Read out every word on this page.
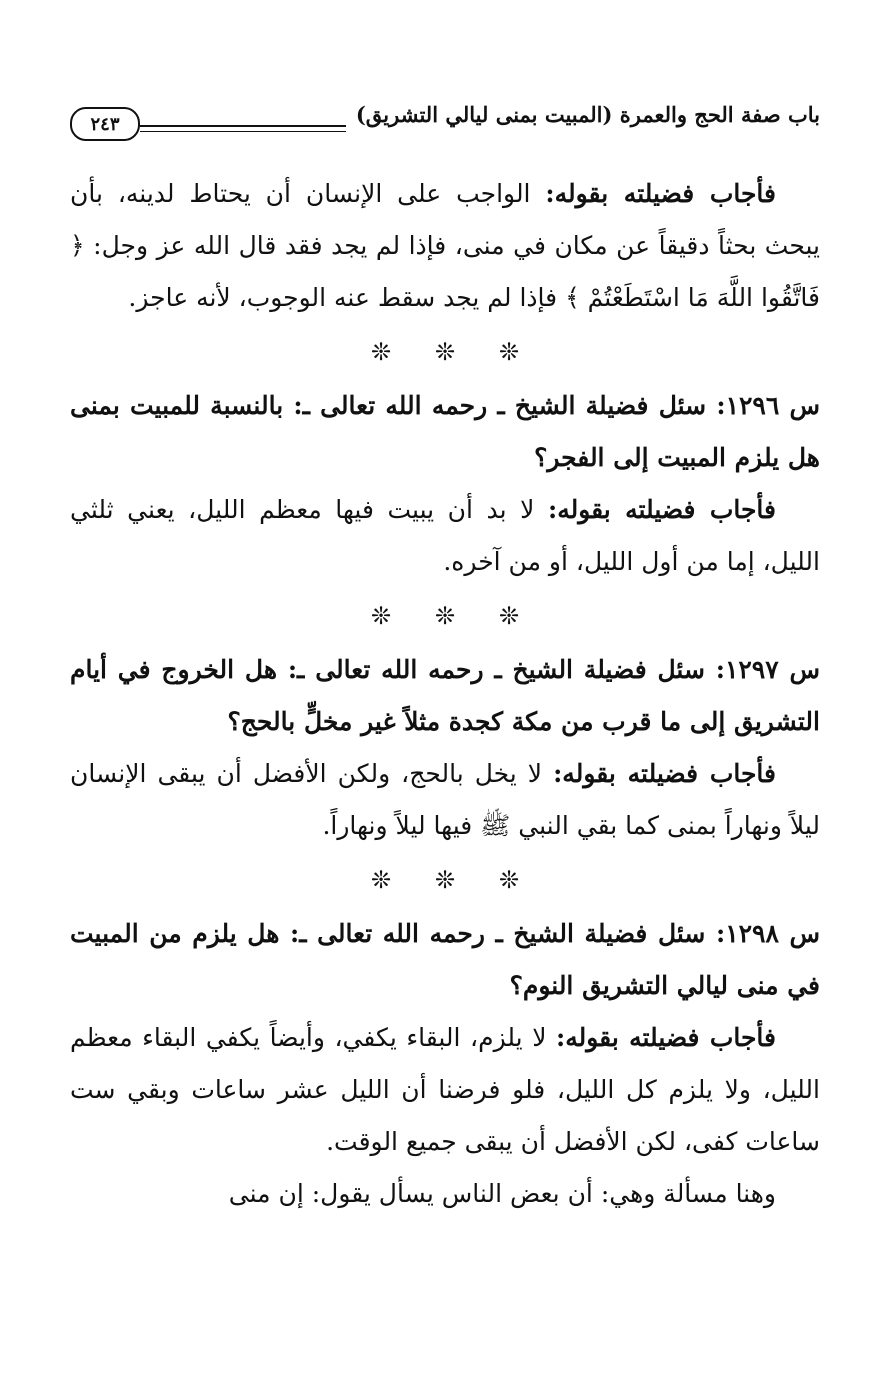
باب صفة الحج والعمرة (المبيت بمنى ليالي التشريق)
٢٤٣

فأجاب فضيلته بقوله: الواجب على الإنسان أن يحتاط لدينه، بأن يبحث بحثاً دقيقاً عن مكان في منى، فإذا لم يجد فقد قال الله عز وجل: ﴿ فَاتَّقُوا اللَّهَ مَا اسْتَطَعْتُمْ ﴾ فإذا لم يجد سقط عنه الوجوب، لأنه عاجز.

❊ ❊ ❊

س ١٢٩٦: سئل فضيلة الشيخ ـ رحمه الله تعالى ـ: بالنسبة للمبيت بمنى هل يلزم المبيت إلى الفجر؟

فأجاب فضيلته بقوله: لا بد أن يبيت فيها معظم الليل، يعني ثلثي الليل، إما من أول الليل، أو من آخره.

❊ ❊ ❊

س ١٢٩٧: سئل فضيلة الشيخ ـ رحمه الله تعالى ـ: هل الخروج في أيام التشريق إلى ما قرب من مكة كجدة مثلاً غير مخلٍّ بالحج؟

فأجاب فضيلته بقوله: لا يخل بالحج، ولكن الأفضل أن يبقى الإنسان ليلاً ونهاراً بمنى كما بقي النبي ﷺ فيها ليلاً ونهاراً.

❊ ❊ ❊

س ١٢٩٨: سئل فضيلة الشيخ ـ رحمه الله تعالى ـ: هل يلزم من المبيت في منى ليالي التشريق النوم؟

فأجاب فضيلته بقوله: لا يلزم، البقاء يكفي، وأيضاً يكفي البقاء معظم الليل، ولا يلزم كل الليل، فلو فرضنا أن الليل عشر ساعات وبقي ست ساعات كفى، لكن الأفضل أن يبقى جميع الوقت.

وهنا مسألة وهي: أن بعض الناس يسأل يقول: إن منى
